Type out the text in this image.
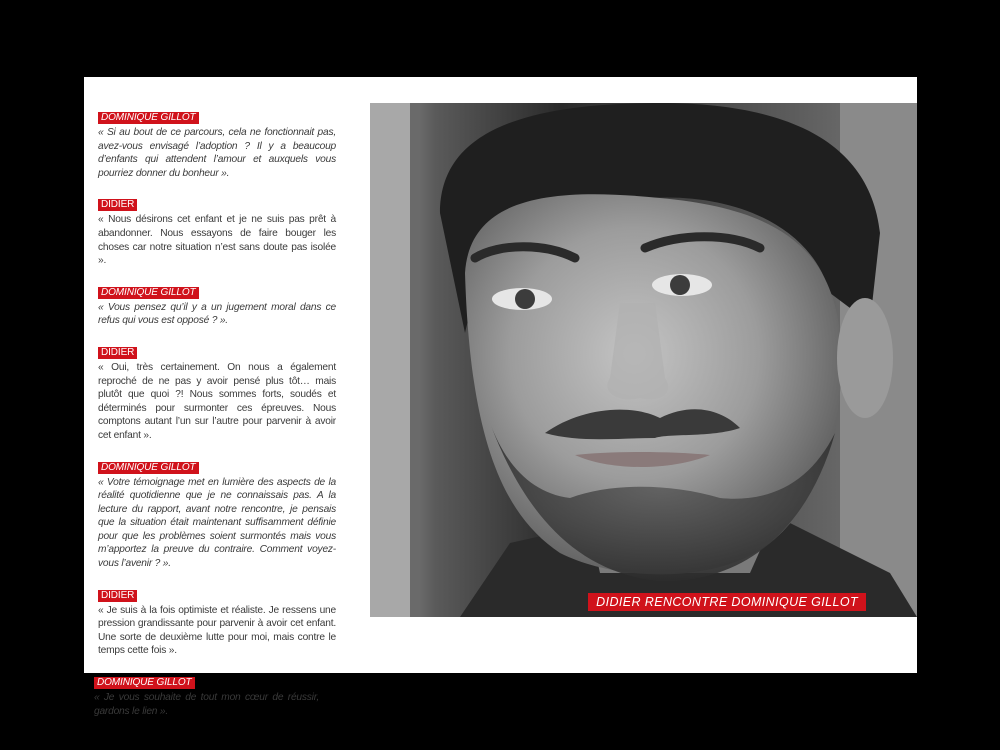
DOMINIQUE GILLOT

« Si au bout de ce parcours, cela ne fonctionnait pas, avez-vous envisagé l’adoption ? Il y a beaucoup d’enfants qui attendent l’amour et auxquels vous pourriez donner du bonheur ».

DIDIER

« Nous désirons cet enfant et je ne suis pas prêt à abandonner. Nous essayons de faire bouger les choses car notre situation n’est sans doute pas isolée ».

DOMINIQUE GILLOT

« Vous pensez qu’il y a un jugement moral dans ce refus qui vous est opposé ? ».

DIDIER

« Oui, très certainement. On nous a également reproché de ne pas y avoir pensé plus tôt… mais plutôt que quoi ?! Nous sommes forts, soudés et déterminés pour surmonter ces épreuves. Nous comptons autant l’un sur l’autre pour parvenir à avoir cet enfant ».

DOMINIQUE GILLOT

« Votre témoignage met en lumière des aspects de la réalité quotidienne que je ne connaissais pas. A la lecture du rapport, avant notre rencontre, je pensais que la situation était maintenant suffisamment définie pour que les problèmes soient surmontés mais vous m’apportez la preuve du contraire. Comment voyez-vous l’avenir ? ».

DIDIER

« Je suis à la fois optimiste et réaliste. Je ressens une pression grandissante pour parvenir à avoir cet enfant. Une sorte de deuxième lutte pour moi, mais contre le temps cette fois ».

DOMINIQUE GILLOT

« Je vous souhaite de tout mon cœur de réussir, gardons le lien ».

DIDIER RENCONTRE DOMINIQUE GILLOT
